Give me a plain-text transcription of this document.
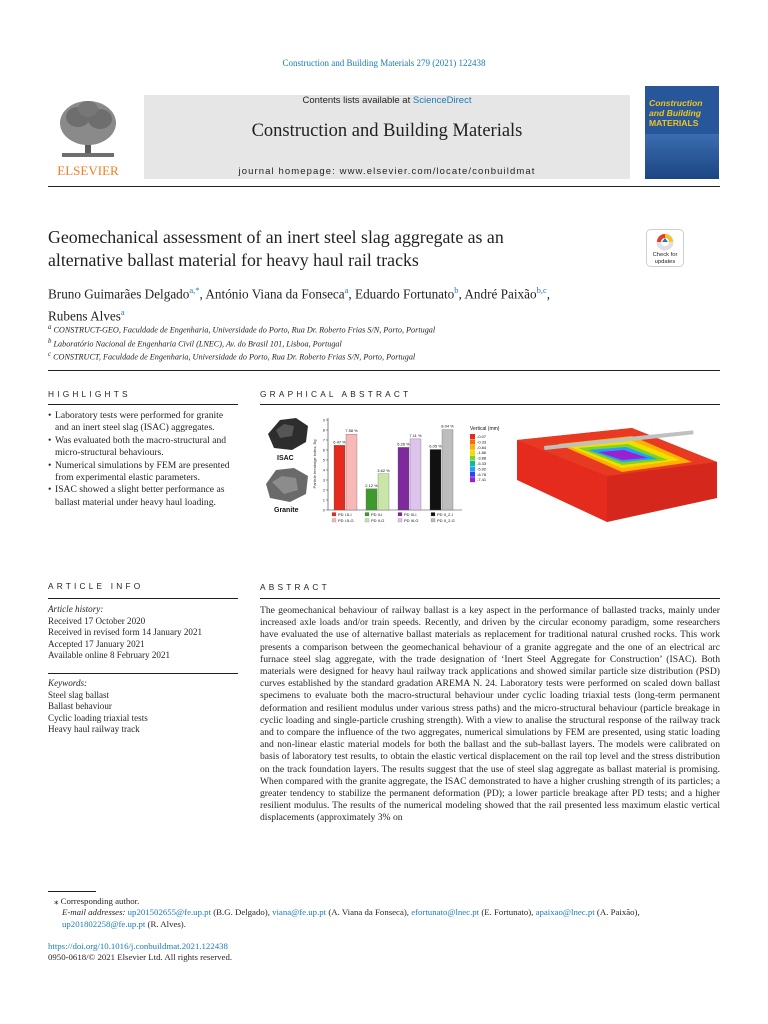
Construction and Building Materials 279 (2021) 122438
ELSEVIER
Contents lists available at ScienceDirect
Construction and Building Materials
journal homepage: www.elsevier.com/locate/conbuildmat
Construction
and Building
MATERIALS
Geomechanical assessment of an inert steel slag aggregate as an
alternative ballast material for heavy haul rail tracks	Check for updates
Bruno Guimarães Delgado$^{a,*}$, António Viana da Fonseca$^a$, Eduardo Fortunato$^b$, André Paixão$^{b,c}$,
Rubens Alves$^a$
$^a$ CONSTRUCT-GEO, Faculdade de Engenharia, Universidade do Porto, Rua Dr. Roberto Frias S/N, Porto, Portugal
$^b$ Laboratório Nacional de Engenharia Civil (LNEC), Av. do Brasil 101, Lisboa, Portugal
$^c$ CONSTRUCT, Faculdade de Engenharia, Universidade do Porto, Rua Dr. Roberto Frias S/N, Porto, Portugal
HIGHLIGHTS	GRAPHICAL ABSTRACT
ARTICLE INFO	ABSTRACT
• Laboratory tests were performed for granite and an inert steel slag (ISAC) aggregates.
• Was evaluated both the macro-structural and micro-structural behaviours.
• Numerical simulations by FEM are presented from experimental elastic parameters.
• ISAC showed a slight better performance as ballast material under heavy haul loading.
ISAC
Granite
Particle breakage index, Bg
0
1
2
3
4
5
6
7
8
9
6.47 %
7.58 %
2.12 %
3.62 %
6.26 %
7.11 %
6.05 %
8.04 %
PD I.5-I	PD II-I	PD III-I	PD II_2-I
PD I.5-G	PD II-G	PD III-G	PD II_2-G
Vertical (mm)
-0.07
-0.33
-0.84
-1.86
-3.88
-5.33
-5.92
-6.78
-7.41
Article history:
Received 17 October 2020
Received in revised form 14 January 2021
Accepted 17 January 2021
Available online 8 February 2021
Keywords:
Steel slag ballast
Ballast behaviour
Cyclic loading triaxial tests
Heavy haul railway track
The geomechanical behaviour of railway ballast is a key aspect in the performance of ballasted tracks, mainly under increased axle loads and/or train speeds. Recently, and driven by the circular economy paradigm, some researchers have evaluated the use of alternative ballast materials as replacement for traditional natural crushed rocks. This work presents a comparison between the geomechanical behaviour of a granite aggregate and the one of an electrical arc furnace steel slag aggregate, with the trade designation of ‘Inert Steel Aggregate for Construction’ (ISAC). Both materials were designed for heavy haul railway track applications and showed similar particle size distribution (PSD) curves established by the standard gradation AREMA N. 24. Laboratory tests were performed on scaled down ballast specimens to evaluate both the macro-structural behaviour under cyclic loading triaxial tests (long-term permanent deformation and resilient modulus under various stress paths) and the micro-structural behaviour (particle breakage in cyclic loading and single-particle crushing strength). With a view to analise the structural response of the railway track and to compare the influence of the two aggregates, numerical simulations by FEM are presented, using static loading and non-linear elastic material models for both the ballast and the sub-ballast layers. The models were calibrated on basis of laboratory test results, to obtain the elastic vertical displacement on the rail top level and the stress distribution on the track foundation layers. The results suggest that the use of steel slag aggregate as ballast material is promising. When compared with the granite aggregate, the ISAC demonstrated to have a higher crushing strength of its particles; a greater tendency to stabilize the permanent deformation (PD); a lower particle breakage after PD tests; and a higher resilient modulus. The results of the numerical modeling showed that the rail presented less maximum elastic vertical displacements (approximately 3% on
⁎ Corresponding author.
E-mail addresses: up201502655@fe.up.pt (B.G. Delgado), viana@fe.up.pt (A. Viana da Fonseca), efortunato@lnec.pt (E. Fortunato), apaixao@lnec.pt (A. Paixão), up201802258@fe.up.pt (R. Alves).
https://doi.org/10.1016/j.conbuildmat.2021.122438
0950-0618/© 2021 Elsevier Ltd. All rights reserved.
